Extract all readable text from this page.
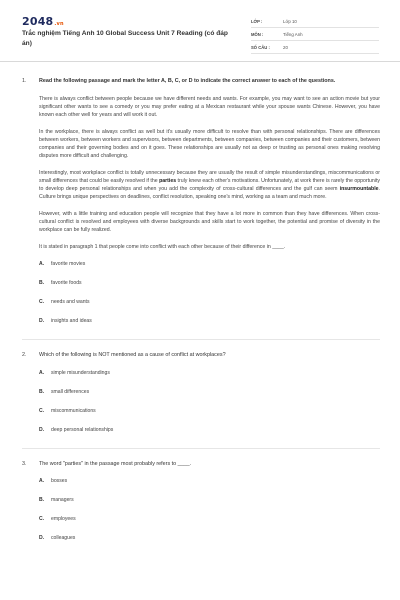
2048.vn
Trắc nghiệm Tiếng Anh 10 Global Success Unit 7 Reading (có đáp án)
LỚP :	Lớp 10
MÔN :	Tiếng Anh
SỐ CÂU :	20
1.	Read the following passage and mark the letter A, B, C, or D to indicate the correct answer to each of the questions.

There is always conflict between people because we have different needs and wants. For example, you may want to see an action movie but your significant other wants to see a comedy or you may prefer eating at a Mexican restaurant while your spouse wants Chinese. However, you have known each other well for years and will work it out.

In the workplace, there is always conflict as well but it's usually more difficult to resolve than with personal relationships. There are differences between workers, between workers and supervisors, between departments, between companies, between companies and their customers, between companies and their governing bodies and on it goes. These relationships are usually not as deep or trusting as personal ones making resolving disputes more difficult and challenging.

Interestingly, most workplace conflict is totally unnecessary because they are usually the result of simple misunderstandings, miscommunications or small differences that could be easily resolved if the parties truly knew each other's motivations. Unfortunately, at work there is rarely the opportunity to develop deep personal relationships and when you add the complexity of cross-cultural differences and the gulf can seem insurmountable. Culture brings unique perspectives on deadlines, conflict resolution, speaking one's mind, working as a team and much more.

However, with a little training and education people will recognize that they have a lot more in common than they have differences. When cross-cultural conflict is resolved and employees with diverse backgrounds and skills start to work together, the potential and promise of diversity in the workplace can be fully realized.

It is stated in paragraph 1 that people come into conflict with each other because of their difference in ____.

A.	favorite movies
B.	favorite foods
C.	needs and wants
D.	insights and ideas
2.	Which of the following is NOT mentioned as a cause of conflict at workplaces?
A.	simple misunderstandings
B.	small differences
C.	miscommunications
D.	deep personal relationships
3.	The word "parties" in the passage most probably refers to ____.
A.	bosses
B.	managers
C.	employees
D.	colleagues
